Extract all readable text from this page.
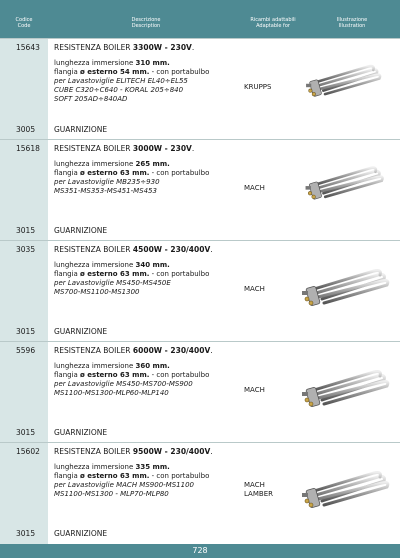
Codice
Code
Descrizione
Description
Ricambi adattabili
Adaptable for
Illustrazione
Illustration
15643 RESISTENZA BOILER 3300W - 230V.
lunghezza immersione 310 mm.
flangia ø esterno 54 mm. - con portabulbo
per Lavastoviglie ELITECH EL40÷EL55
CUBE C320÷C640 - KORAL 205÷840
SOFT 205AD÷840AD
KRUPPS
3005	GUARNIZIONE
15618 RESISTENZA BOILER 3000W - 230V.
lunghezza immersione 265 mm.
flangia ø esterno 63 mm. - con portabulbo
per Lavastoviglie MB235÷930
MS351-MS353-MS451-MS453	MACH
3015	GUARNIZIONE
3035	RESISTENZA BOILER 4500W - 230/400V.
lunghezza immersione 340 mm.
flangia ø esterno 63 mm. - con portabulbo
per Lavastoviglie MS450-MS450E
MS700-MS1100-MS1300	MACH
3015	GUARNIZIONE
5596	RESISTENZA BOILER 6000W - 230/400V.
lunghezza immersione 360 mm.
flangia ø esterno 63 mm. - con portabulbo
per Lavastoviglie MS450-MS700-MS900
MS1100-MS1300-MLP60-MLP140	MACH
3015	GUARNIZIONE
15602 RESISTENZA BOILER 9500W - 230/400V.
lunghezza immersione 335 mm.
flangia ø esterno 63 mm. - con portabulbo
per Lavastoviglie MACH MS900-MS1100
MS1100-MS1300 - MLP70-MLP80
MACH
LAMBER
3015	GUARNIZIONE
728
